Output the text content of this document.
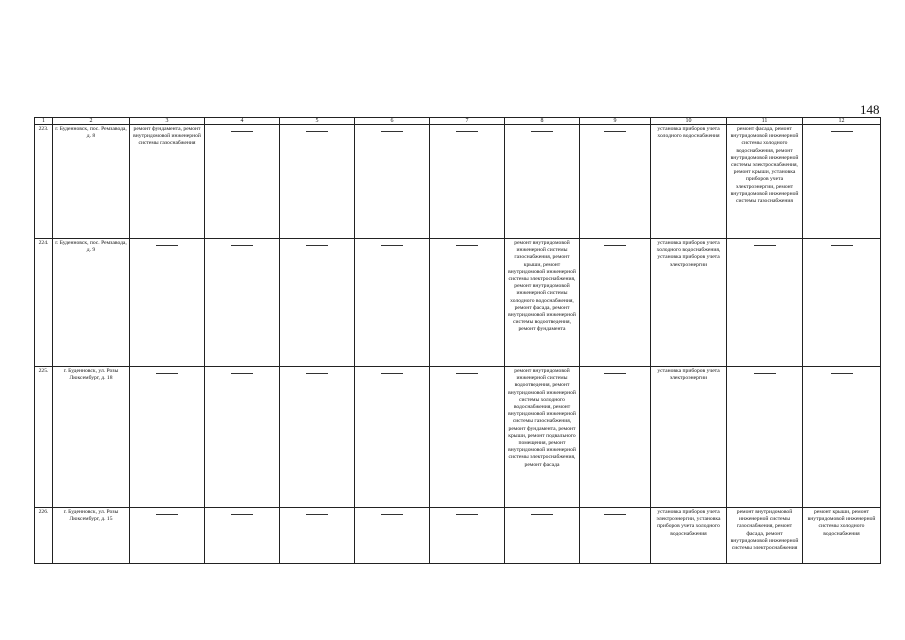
148
1	2	3	4	5	6	7	8	9	10	11	12
223.	г. Буденновск, пос. Ремзавода, д. 8	ремонт фундамента, ремонт внутридомовой инженерной системы газоснабжения							установка приборов учета холодного водоснабжения	ремонт фасада, ремонт внутридомовой инженерной системы холодного водоснабжения, ремонт внутридомовой инженерной системы электроснабжения, ремонт крыши, установка приборов учета электроэнергии, ремонт внутридомовой инженерной системы газоснабжения	

224.	г. Буденновск, пос. Ремзавода, д. 9						ремонт внутридомовой инженерной системы газоснабжения, ремонт крыши, ремонт внутридомовой инженерной системы электроснабжения, ремонт внутридомовой инженерной системы холодного водоснабжения, ремонт фасада, ремонт внутридомовой инженерной системы водоотведения, ремонт фундамента		установка приборов учета холодного водоснабжения, установка приборов учета электроэнергии	

225.	г. Буденновск, ул. Розы Люксембург, д. 18						ремонт внутридомовой инженерной системы водоотведения, ремонт внутридомовой инженерной системы холодного водоснабжения, ремонт внутридомовой инженерной системы газоснабжения, ремонт фундамента, ремонт крыши, ремонт подвального помещения, ремонт внутридомовой инженерной системы электроснабжения, ремонт фасада		установка приборов учета электроэнергии	

226.	г. Буденновск, ул. Розы Люксембург, д. 15								установка приборов учета электроэнергии, установка приборов учета холодного водоснабжения	ремонт внутридомовой инженерной системы газоснабжения, ремонт фасада, ремонт внутридомовой инженерной системы электроснабжения	ремонт крыши, ремонт внутридомовой инженерной системы холодного водоснабжения
